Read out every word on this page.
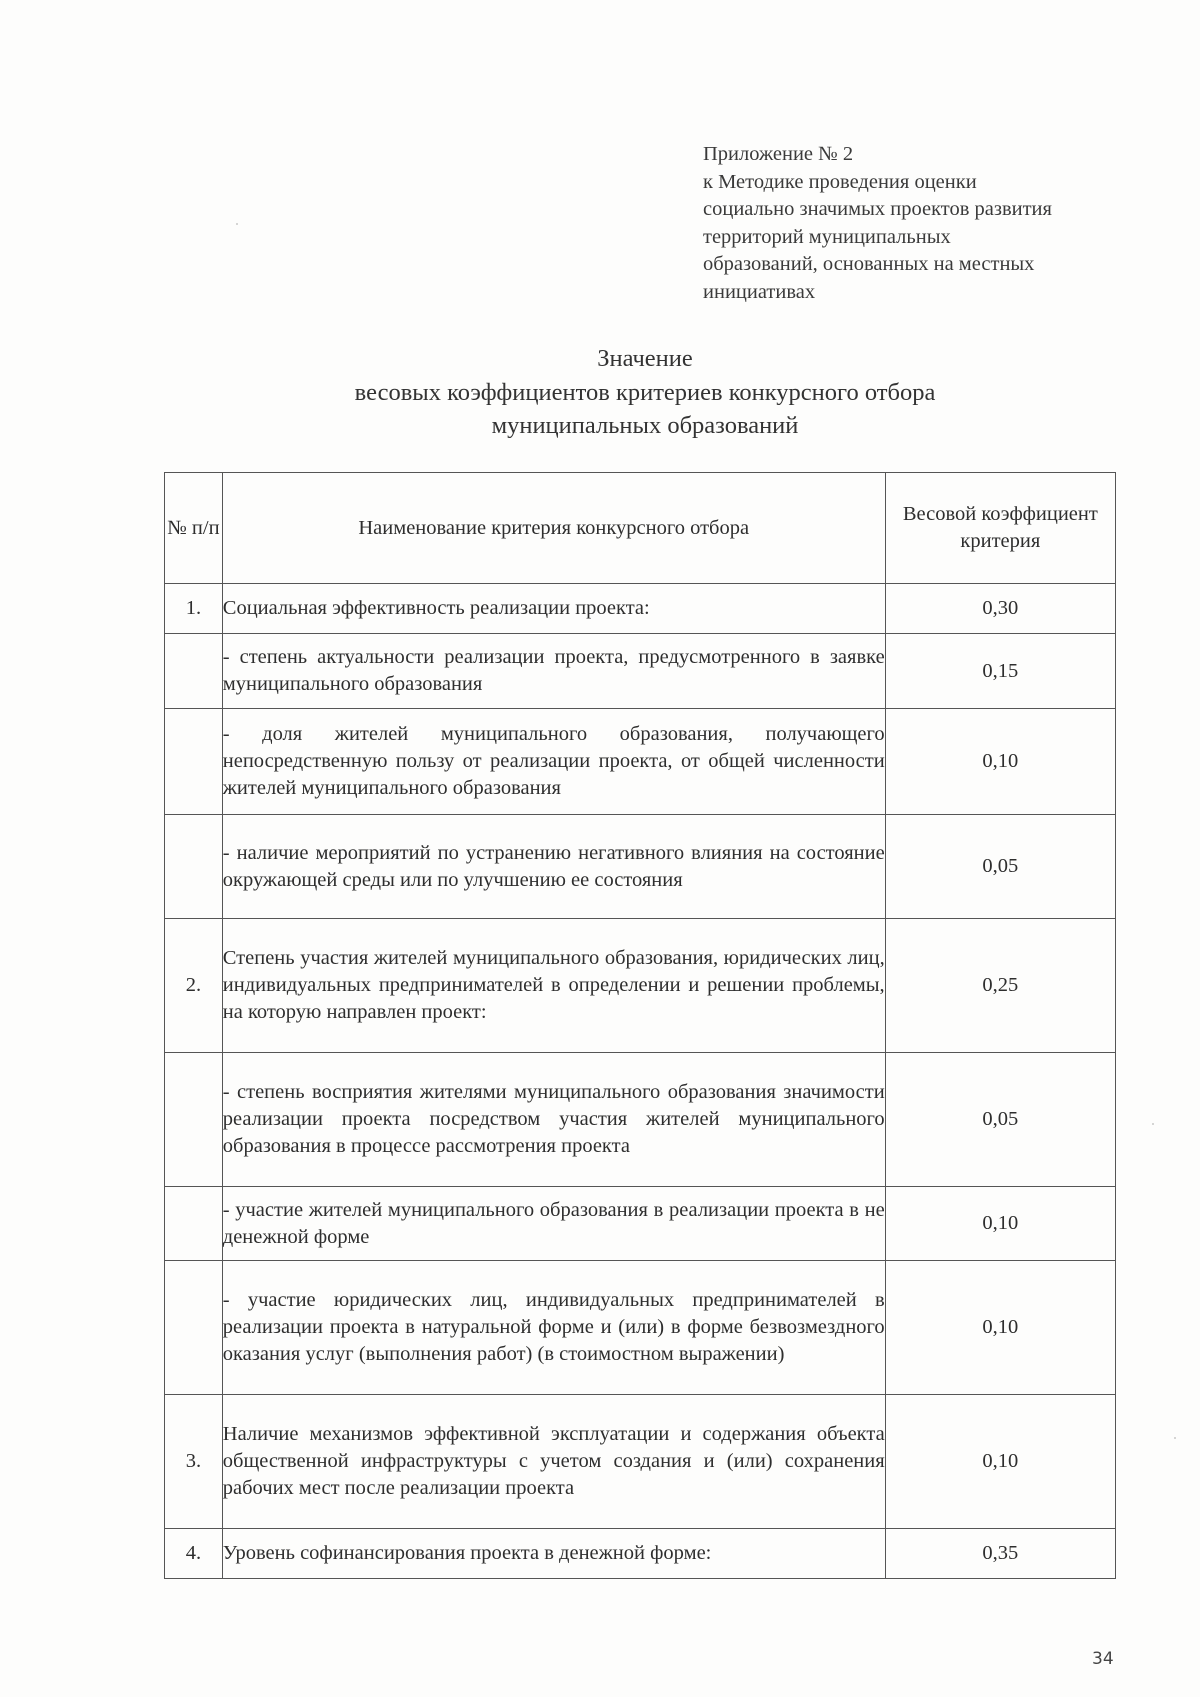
Приложение № 2
к Методике проведения оценки
социально значимых проектов развития
территорий муниципальных
образований, основанных на местных
инициативах
Значение
весовых коэффициентов критериев конкурсного отбора
муниципальных образований
№ п/п	Наименование критерия конкурсного отбора	Весовой коэффициент критерия
1.	Социальная эффективность реализации проекта:	0,30
	- степень актуальности реализации проекта, предусмотренного в заявке муниципального образования	0,15
	- доля жителей муниципального образования, получающего непосредственную пользу от реализации проекта, от общей численности жителей муниципального образования	0,10
	- наличие мероприятий по устранению негативного влияния на состояние окружающей среды или по улучшению ее состояния	0,05
2.	Степень участия жителей муниципального образования, юридических лиц, индивидуальных предпринимателей в определении и решении проблемы, на которую направлен проект:	0,25
	- степень восприятия жителями муниципального образования значимости реализации проекта посредством участия жителей муниципального образования в процессе рассмотрения проекта	0,05
	- участие жителей муниципального образования в реализации проекта в не денежной форме	0,10
	- участие юридических лиц, индивидуальных предпринимателей в реализации проекта в натуральной форме и (или) в форме безвозмездного оказания услуг (выполнения работ) (в стоимостном выражении)	0,10
3.	Наличие механизмов эффективной эксплуатации и содержания объекта общественной инфраструктуры с учетом создания и (или) сохранения рабочих мест после реализации проекта	0,10
4.	Уровень софинансирования проекта в денежной форме:	0,35
34
